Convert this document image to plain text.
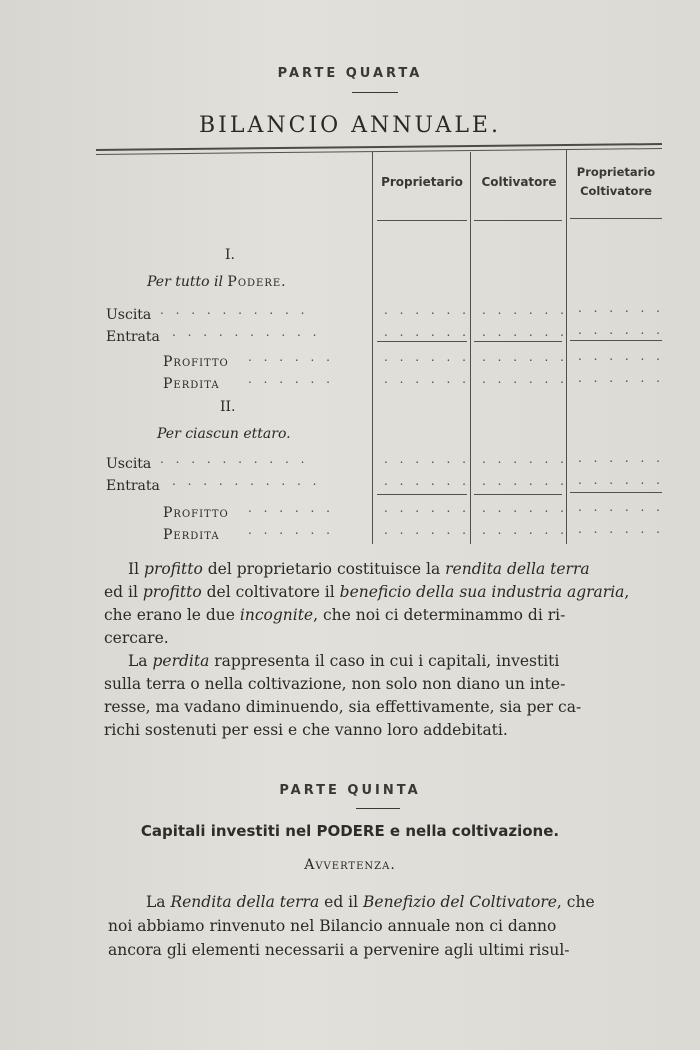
PARTE QUARTA
BILANCIO ANNUALE.
Proprietario	Coltivatore
Proprietario
Coltivatore
I.
Per tutto il Podere.
Uscita . . . . . . . . . .
Entrata . . . . . . . . . .
Profitto . . . . . .
Perdita . . . . . .
II.
Per ciascun ettaro.
Uscita . . . . . . . . . .
Entrata . . . . . . . . . .
Profitto . . . . . .
Perdita . . . . . .
. . . . . . . . . . . . . . . . . .
. . . . . . . . . . . . . . . . . .
. . . . . . . . . . . . . . . . . .
. . . . . . . . . . . . . . . . . .
. . . . . . . . . . . . . . . . . .
. . . . . . . . . . . . . . . . . .
. . . . . . . . . . . . . . . . . .
. . . . . . . . . . . . . . . . . .
Il profitto del proprietario costituisce la rendita della terra
ed il profitto del coltivatore il beneficio della sua industria agraria,
che erano le due incognite, che noi ci determinammo di ri-
cercare.
La perdita rappresenta il caso in cui i capitali, investiti
sulla terra o nella coltivazione, non solo non diano un inte-
resse, ma vadano diminuendo, sia effettivamente, sia per ca-
richi sostenuti per essi e che vanno loro addebitati.
PARTE QUINTA
Capitali investiti nel PODERE e nella coltivazione.
Avvertenza.
La Rendita della terra ed il Benefizio del Coltivatore, che
noi abbiamo rinvenuto nel Bilancio annuale non ci danno
ancora gli elementi necessarii a pervenire agli ultimi risul-
